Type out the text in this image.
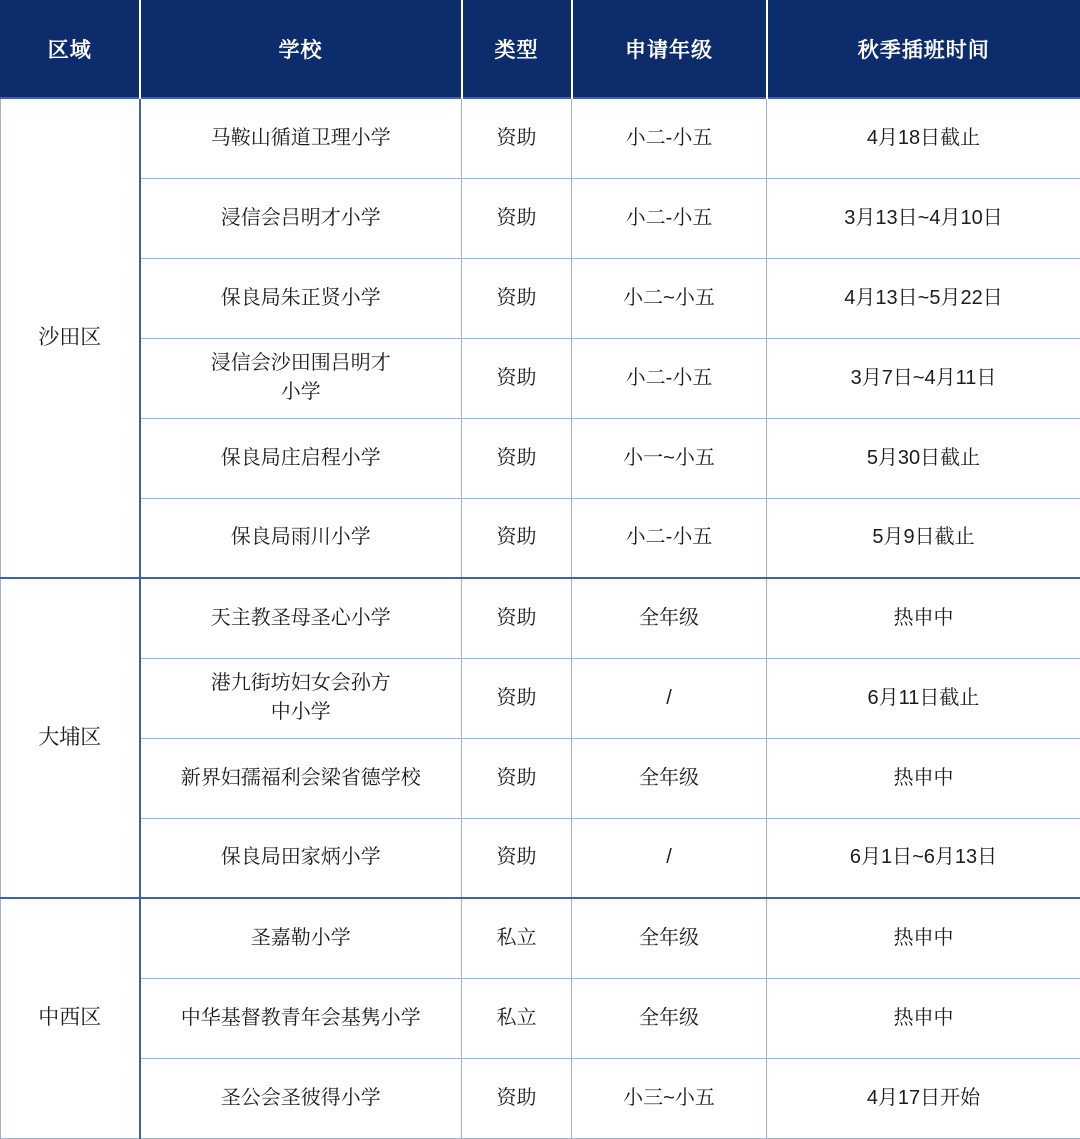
区域	学校	类型	申请年级	秋季插班时间
沙田区	马鞍山循道卫理小学	资助	小二-小五	4月18日截止
	浸信会吕明才小学	资助	小二-小五	3月13日~4月10日
	保良局朱正贤小学	资助	小二~小五	4月13日~5月22日

	浸信会沙田围吕明才
小学	资助	小二-小五	3月7日~4月11日
	保良局庄启程小学	资助	小一~小五	5月30日截止
	保良局雨川小学	资助	小二-小五	5月9日截止
大埔区	天主教圣母圣心小学	资助	全年级	热申中

	港九街坊妇女会孙方
中小学	资助	/	6月11日截止
	新界妇孺福利会梁省德学校	资助	全年级	热申中
	保良局田家炳小学	资助	/	6月1日~6月13日
中西区	圣嘉勒小学	私立	全年级	热申中
	中华基督教青年会基隽小学	私立	全年级	热申中
	圣公会圣彼得小学	资助	小三~小五	4月17日开始
